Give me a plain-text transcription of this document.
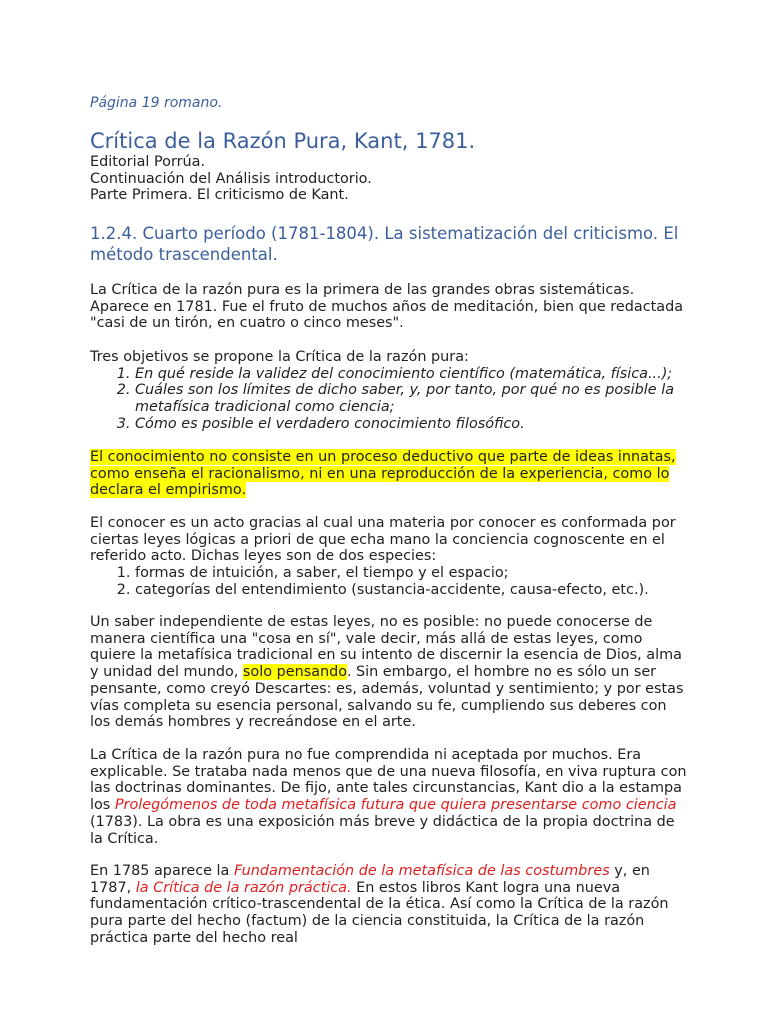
Página 19 romano.
Crítica de la Razón Pura, Kant, 1781.
Editorial Porrúa.
Continuación del Análisis introductorio.
Parte Primera. El criticismo de Kant.
1.2.4. Cuarto período (1781-1804). La sistematización del criticismo. El método trascendental.

La Crítica de la razón pura es la primera de las grandes obras sistemáticas. Aparece en 1781. Fue el fruto de muchos años de meditación, bien que redactada "casi de un tirón, en cuatro o cinco meses".

Tres objetivos se propone la Crítica de la razón pura:

1. En qué reside la validez del conocimiento científico (matemática, física...);
2. Cuáles son los límites de dicho saber, y, por tanto, por qué no es posible la metafísica tradicional como ciencia;
3. Cómo es posible el verdadero conocimiento filosófico.

El conocimiento no consiste en un proceso deductivo que parte de ideas innatas, como enseña el racionalismo, ni en una reproducción de la experiencia, como lo declara el empirismo.

El conocer es un acto gracias al cual una materia por conocer es conformada por ciertas leyes lógicas a priori de que echa mano la conciencia cognoscente en el referido acto. Dichas leyes son de dos especies:

1. formas de intuición, a saber, el tiempo y el espacio;
2. categorías del entendimiento (sustancia-accidente, causa-efecto, etc.).

Un saber independiente de estas leyes, no es posible: no puede conocerse de manera científica una "cosa en sí", vale decir, más allá de estas leyes, como quiere la metafísica tradicional en su intento de discernir la esencia de Dios, alma y unidad del mundo, solo pensando. Sin embargo, el hombre no es sólo un ser pensante, como creyó Descartes: es, además, voluntad y sentimiento; y por estas vías completa su esencia personal, salvando su fe, cumpliendo sus deberes con los demás hombres y recreándose en el arte.

La Crítica de la razón pura no fue comprendida ni aceptada por muchos. Era explicable. Se trataba nada menos que de una nueva filosofía, en viva ruptura con las doctrinas dominantes. De fijo, ante tales circunstancias, Kant dio a la estampa los Prolegómenos de toda metafísica futura que quiera presentarse como ciencia (1783). La obra es una exposición más breve y didáctica de la propia doctrina de la Crítica.

En 1785 aparece la Fundamentación de la metafísica de las costumbres y, en 1787, la Crítica de la razón práctica. En estos libros Kant logra una nueva fundamentación crítico-trascendental de la ética. Así como la Crítica de la razón pura parte del hecho (factum) de la ciencia constituida, la Crítica de la razón práctica parte del hecho real
